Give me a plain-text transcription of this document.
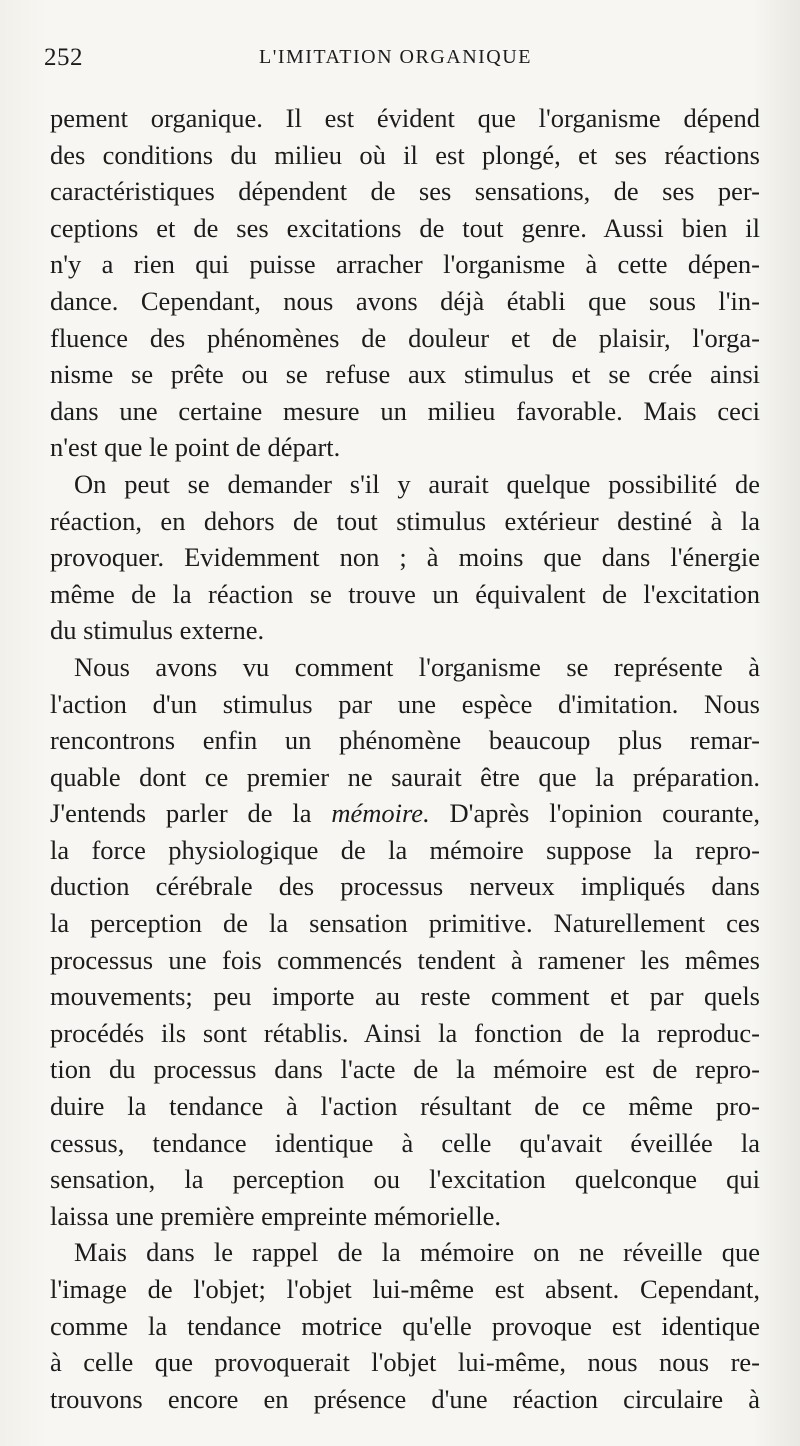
252	L'IMITATION ORGANIQUE
pement organique. Il est évident que l'organisme dépend
des conditions du milieu où il est plongé, et ses réactions
caractéristiques dépendent de ses sensations, de ses per-
ceptions et de ses excitations de tout genre. Aussi bien il
n'y a rien qui puisse arracher l'organisme à cette dépen-
dance. Cependant, nous avons déjà établi que sous l'in-
fluence des phénomènes de douleur et de plaisir, l'orga-
nisme se prête ou se refuse aux stimulus et se crée ainsi
dans une certaine mesure un milieu favorable. Mais ceci
n'est que le point de départ.
On peut se demander s'il y aurait quelque possibilité de
réaction, en dehors de tout stimulus extérieur destiné à la
provoquer. Evidemment non ; à moins que dans l'énergie
même de la réaction se trouve un équivalent de l'excitation
du stimulus externe.
Nous avons vu comment l'organisme se représente à
l'action d'un stimulus par une espèce d'imitation. Nous
rencontrons enfin un phénomène beaucoup plus remar-
quable dont ce premier ne saurait être que la préparation.
J'entends parler de la mémoire. D'après l'opinion courante,
la force physiologique de la mémoire suppose la repro-
duction cérébrale des processus nerveux impliqués dans
la perception de la sensation primitive. Naturellement ces
processus une fois commencés tendent à ramener les mêmes
mouvements; peu importe au reste comment et par quels
procédés ils sont rétablis. Ainsi la fonction de la reproduc-
tion du processus dans l'acte de la mémoire est de repro-
duire la tendance à l'action résultant de ce même pro-
cessus, tendance identique à celle qu'avait éveillée la
sensation, la perception ou l'excitation quelconque qui
laissa une première empreinte mémorielle.
Mais dans le rappel de la mémoire on ne réveille que
l'image de l'objet; l'objet lui-même est absent. Cependant,
comme la tendance motrice qu'elle provoque est identique
à celle que provoquerait l'objet lui-même, nous nous re-
trouvons encore en présence d'une réaction circulaire à
